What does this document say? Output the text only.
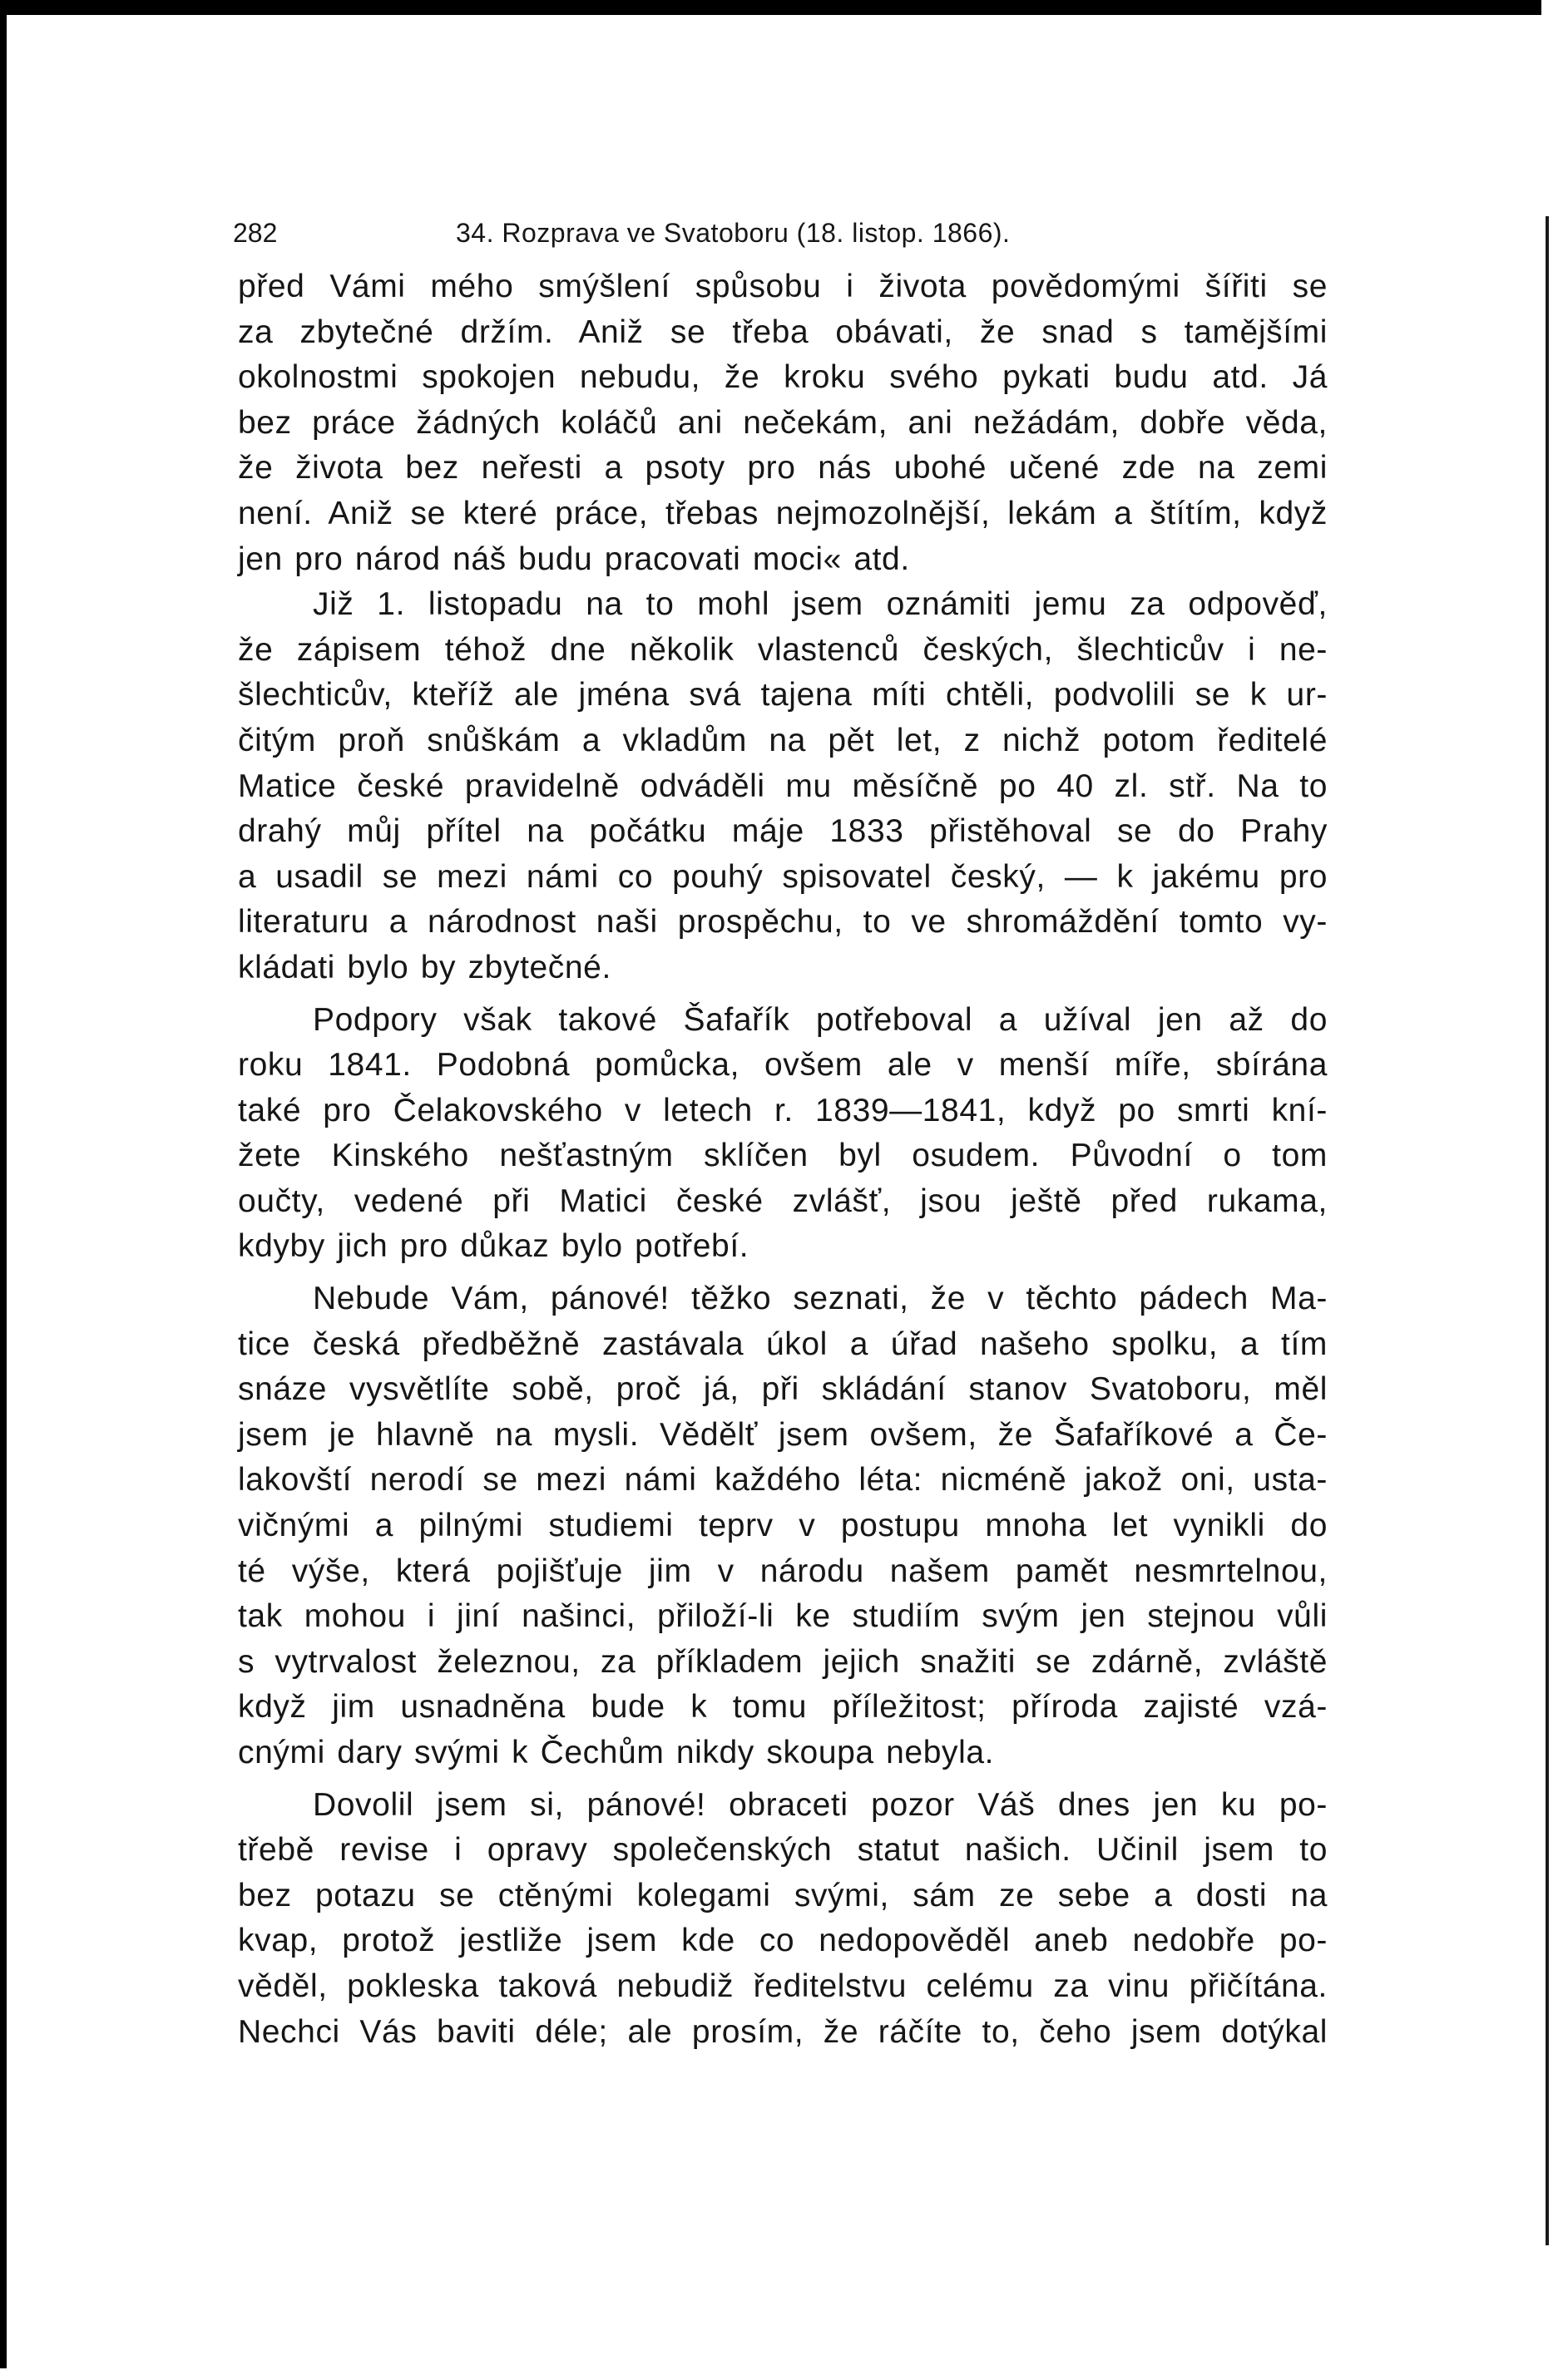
282	34. Rozprava ve Svatoboru (18. listop. 1866).
před Vámi mého smýšlení spůsobu i života povědomými šířiti se
za zbytečné držím. Aniž se třeba obávati, že snad s tamějšími
okolnostmi spokojen nebudu, že kroku svého pykati budu atd. Já
bez práce žádných koláčů ani nečekám, ani nežádám, dobře věda,
že života bez neřesti a psoty pro nás ubohé učené zde na zemi
není. Aniž se které práce, třebas nejmozolnější, lekám a štítím, když
jen pro národ náš budu pracovati moci« atd.
Již 1. listopadu na to mohl jsem oznámiti jemu za odpověď,
že zápisem téhož dne několik vlastenců českých, šlechticův i ne-
šlechticův, kteříž ale jména svá tajena míti chtěli, podvolili se k ur-
čitým proň snůškám a vkladům na pět let, z nichž potom ředitelé
Matice české pravidelně odváděli mu měsíčně po 40 zl. stř. Na to
drahý můj přítel na počátku máje 1833 přistěhoval se do Prahy
a usadil se mezi námi co pouhý spisovatel český, — k jakému pro
literaturu a národnost naši prospěchu, to ve shromáždění tomto vy-
kládati bylo by zbytečné.
Podpory však takové Šafařík potřeboval a užíval jen až do
roku 1841. Podobná pomůcka, ovšem ale v menší míře, sbírána
také pro Čelakovského v letech r. 1839—1841, když po smrti kní-
žete Kinského nešťastným sklíčen byl osudem. Původní o tom
oučty, vedené při Matici české zvlášť, jsou ještě před rukama,
kdyby jich pro důkaz bylo potřebí.
Nebude Vám, pánové! těžko seznati, že v těchto pádech Ma-
tice česká předběžně zastávala úkol a úřad našeho spolku, a tím
snáze vysvětlíte sobě, proč já, při skládání stanov Svatoboru, měl
jsem je hlavně na mysli. Vědělť jsem ovšem, že Šafaříkové a Če-
lakovští nerodí se mezi námi každého léta: nicméně jakož oni, usta-
vičnými a pilnými studiemi teprv v postupu mnoha let vynikli do
té výše, která pojišťuje jim v národu našem pamět nesmrtelnou,
tak mohou i jiní našinci, přiloží-li ke studiím svým jen stejnou vůli
s vytrvalost železnou, za příkladem jejich snažiti se zdárně, zvláště
když jim usnadněna bude k tomu příležitost; příroda zajisté vzá-
cnými dary svými k Čechům nikdy skoupa nebyla.
Dovolil jsem si, pánové! obraceti pozor Váš dnes jen ku po-
třebě revise i opravy společenských statut našich. Učinil jsem to
bez potazu se ctěnými kolegami svými, sám ze sebe a dosti na
kvap, protož jestliže jsem kde co nedopověděl aneb nedobře po-
věděl, pokleska taková nebudiž ředitelstvu celému za vinu přičítána.
Nechci Vás baviti déle; ale prosím, že ráčíte to, čeho jsem dotýkal
